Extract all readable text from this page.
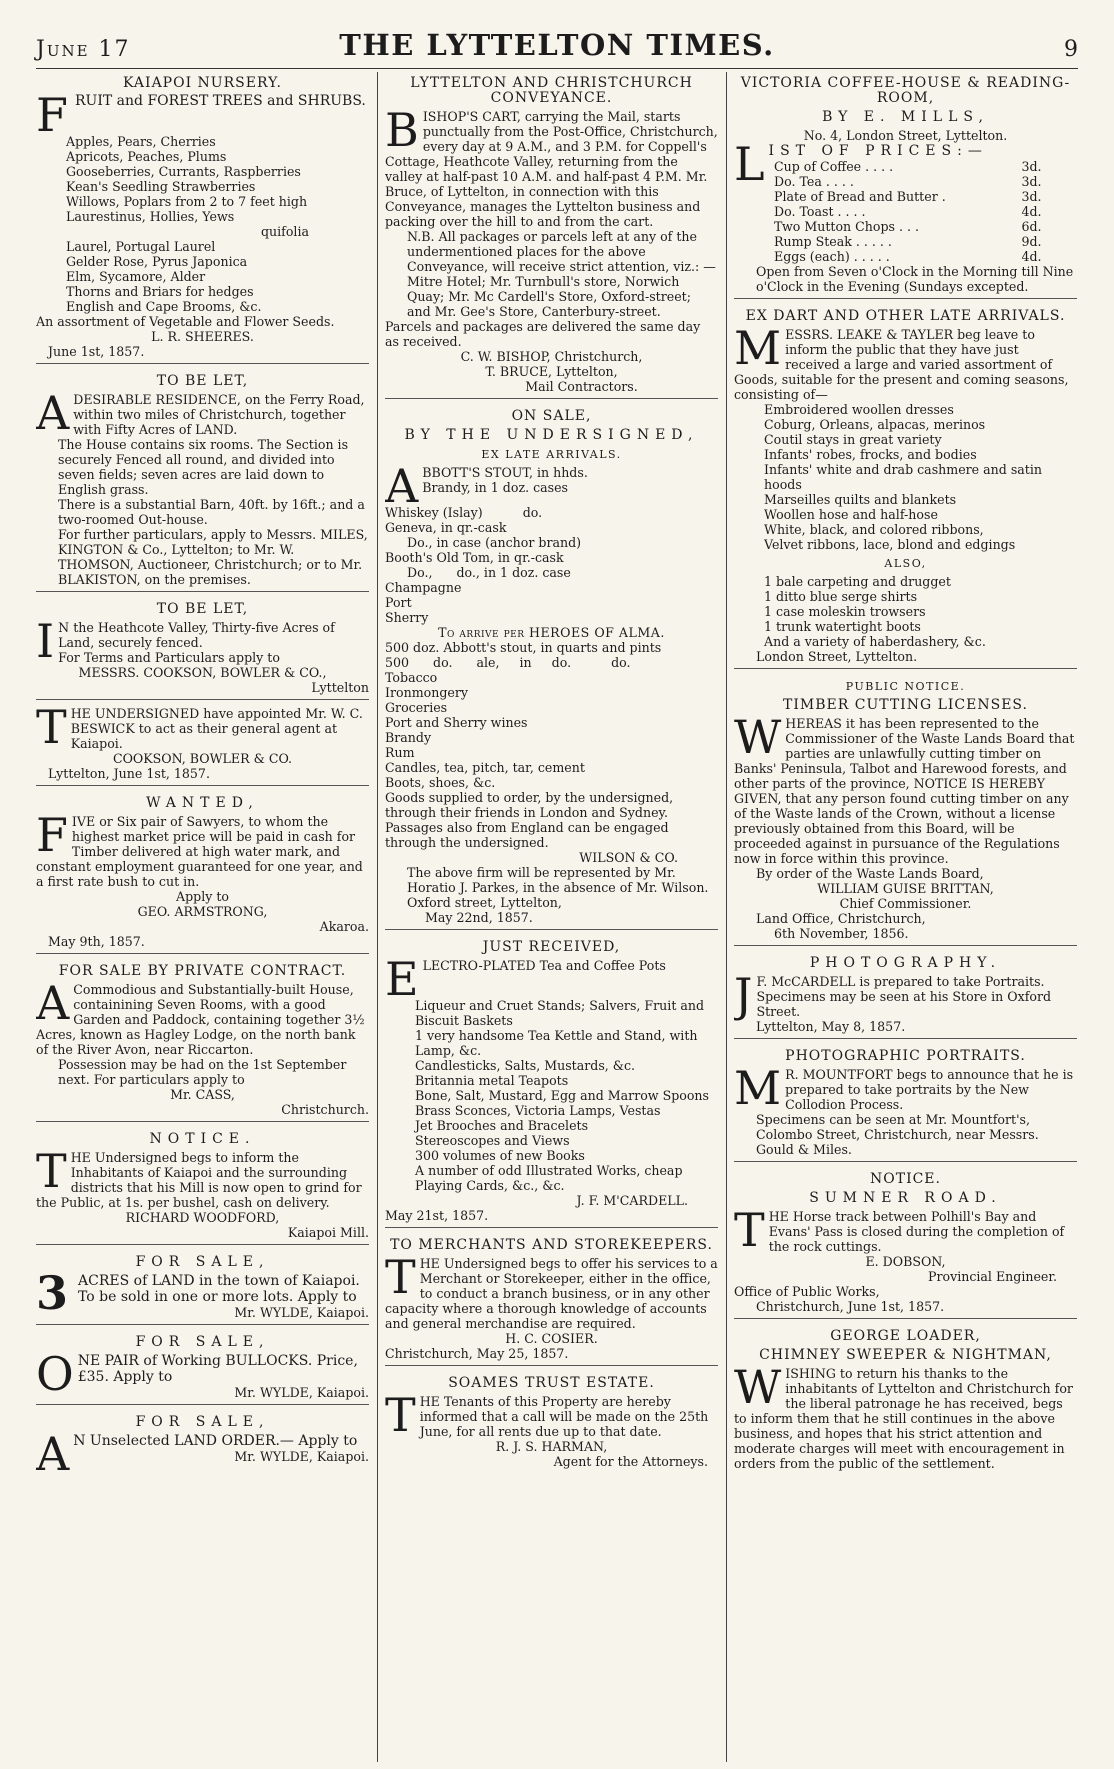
June 17	THE LYTTELTON TIMES.	9
KAIAPOI NURSERY.

F RUIT and FOREST TREES and SHRUBS.

Apples, Pears, Cherries

Apricots, Peaches, Plums

Gooseberries, Currants, Raspberries

Kean's Seedling Strawberries

Willows, Poplars from 2 to 7 feet high

Laurestinus, Hollies, Yews

quifolia

Laurel, Portugal Laurel

Gelder Rose, Pyrus Japonica

Elm, Sycamore, Alder

Thorns and Briars for hedges

English and Cape Brooms, &c.

An assortment of Vegetable and Flower Seeds.

L. R. SHEERES.

June 1st, 1857.

TO BE LET,

ADESIRABLE RESIDENCE, on the Ferry Road, within two miles of Christchurch, together with Fifty Acres of LAND.

The House contains six rooms. The Section is securely Fenced all round, and divided into seven fields; seven acres are laid down to English grass.

There is a substantial Barn, 40ft. by 16ft.; and a two-roomed Out-house.

For further particulars, apply to Messrs. MILES, KINGTON & Co., Lyttelton; to Mr. W. THOMSON, Auctioneer, Christchurch; or to Mr. BLAKISTON, on the premises.

TO BE LET,

I N the Heathcote Valley, Thirty-five Acres of Land, securely fenced.

For Terms and Particulars apply to

MESSRS. COOKSON, BOWLER & CO.,

Lyttelton

THE UNDERSIGNED have appointed Mr. W. C. BESWICK to act as their general agent at Kaiapoi.

COOKSON, BOWLER & CO.

Lyttelton, June 1st, 1857.

WANTED,

FIVE or Six pair of Sawyers, to whom the highest market price will be paid in cash for Timber delivered at high water mark, and constant employment guaranteed for one year, and a first rate bush to cut in.

Apply to

GEO. ARMSTRONG,

Akaroa.

May 9th, 1857.

FOR SALE BY PRIVATE CONTRACT.

A Commodious and Substantially-built House, containining Seven Rooms, with a good Garden and Paddock, containing together 3½ Acres, known as Hagley Lodge, on the north bank of the River Avon, near Riccarton.

Possession may be had on the 1st September next. For particulars apply to

Mr. CASS,

Christchurch.

NOTICE.

THE Undersigned begs to inform the Inhabitants of Kaiapoi and the surrounding districts that his Mill is now open to grind for the Public, at 1s. per bushel, cash on delivery.

RICHARD WOODFORD,

Kaiapoi Mill.

FOR SALE,

3 ACRES of LAND in the town of Kaiapoi. To be sold in one or more lots. Apply to

Mr. WYLDE, Kaiapoi.

FOR SALE,

ONE PAIR of Working BULLOCKS. Price, £35. Apply to

Mr. WYLDE, Kaiapoi.

FOR SALE,

A N Unselected LAND ORDER.— Apply to

Mr. WYLDE, Kaiapoi.

LYTTELTON AND CHRISTCHURCH CONVEYANCE.

BISHOP'S CART, carrying the Mail, starts punctually from the Post-Office, Christchurch, every day at 9 A.M., and 3 P.M. for Coppell's Cottage, Heathcote Valley, returning from the valley at half-past 10 A.M. and half-past 4 P.M. Mr. Bruce, of Lyttelton, in connection with this Conveyance, manages the Lyttelton business and packing over the hill to and from the cart.

N.B. All packages or parcels left at any of the undermentioned places for the above Conveyance, will receive strict attention, viz.: —

Mitre Hotel; Mr. Turnbull's store, Norwich Quay; Mr. Mc Cardell's Store, Oxford-street; and Mr. Gee's Store, Canterbury-street.

Parcels and packages are delivered the same day as received.

C. W. BISHOP, Christchurch,

T. BRUCE, Lyttelton,

Mail Contractors.

ON SALE,
BY THE UNDERSIGNED,
EX LATE ARRIVALS.

ABBOTT'S STOUT, in hhds.

Brandy, in 1 doz. cases

Whiskey (Islay)          do.

Geneva, in qr.-cask

Do., in case (anchor brand)

Booth's Old Tom, in qr.-cask

Do.,      do., in 1 doz. case

Champagne

Port

Sherry

To arrive per HEROES OF ALMA.

500 doz. Abbott's stout, in quarts and pints

500      do.      ale,     in     do.          do.

Tobacco

Ironmongery

Groceries

Port and Sherry wines

Brandy

Rum

Candles, tea, pitch, tar, cement

Boots, shoes, &c.

Goods supplied to order, by the undersigned, through their friends in London and Sydney. Passages also from England can be engaged through the undersigned.

WILSON & CO.

The above firm will be represented by Mr. Horatio J. Parkes, in the absence of Mr. Wilson.

Oxford street, Lyttelton,

May 22nd, 1857.

JUST RECEIVED,

ELECTRO-PLATED Tea and Coffee Pots

Liqueur and Cruet Stands; Salvers, Fruit and Biscuit Baskets

1 very handsome Tea Kettle and Stand, with Lamp, &c.

Candlesticks, Salts, Mustards, &c.

Britannia metal Teapots

Bone, Salt, Mustard, Egg and Marrow Spoons

Brass Sconces, Victoria Lamps, Vestas

Jet Brooches and Bracelets

Stereoscopes and Views

300 volumes of new Books

A number of odd Illustrated Works, cheap

Playing Cards, &c., &c.

J. F. M'CARDELL.

May 21st, 1857.

TO MERCHANTS AND STOREKEEPERS.

THE Undersigned begs to offer his services to a Merchant or Storekeeper, either in the office, to conduct a branch business, or in any other capacity where a thorough knowledge of accounts and general merchandise are required.

H. C. COSIER.

Christchurch, May 25, 1857.

SOAMES TRUST ESTATE.

THE Tenants of this Property are hereby informed that a call will be made on the 25th June, for all rents due up to that date.

R. J. S. HARMAN,

Agent for the Attorneys.

VICTORIA COFFEE-HOUSE & READING-ROOM,
BY E. MILLS,

No. 4, London Street, Lyttelton.

LIST OF PRICES:—

Cup of Coffee . . . .	3d.
Do. Tea . . . .	3d.
Plate of Bread and Butter .	3d.
Do. Toast . . . .	4d.
Two Mutton Chops . . .	6d.
Rump Steak . . . . .	9d.
Eggs (each) . . . . .	4d.

Open from Seven o'Clock in the Morning till Nine o'Clock in the Evening (Sundays excepted.

EX DART AND OTHER LATE ARRIVALS.

MESSRS. LEAKE & TAYLER beg leave to inform the public that they have just received a large and varied assortment of Goods, suitable for the present and coming seasons, consisting of—

Embroidered woollen dresses

Coburg, Orleans, alpacas, merinos

Coutil stays in great variety

Infants' robes, frocks, and bodies

Infants' white and drab cashmere and satin hoods

Marseilles quilts and blankets

Woollen hose and half-hose

White, black, and colored ribbons,

Velvet ribbons, lace, blond and edgings

ALSO,

1 bale carpeting and drugget

1 ditto blue serge shirts

1 case moleskin trowsers

1 trunk watertight boots

And a variety of haberdashery, &c.

London Street, Lyttelton.

PUBLIC NOTICE.
TIMBER CUTTING LICENSES.

WHEREAS it has been represented to the Commissioner of the Waste Lands Board that parties are unlawfully cutting timber on Banks' Peninsula, Talbot and Harewood forests, and other parts of the province, NOTICE IS HEREBY GIVEN, that any person found cutting timber on any of the Waste lands of the Crown, without a license previously obtained from this Board, will be proceeded against in pursuance of the Regulations now in force within this province.

By order of the Waste Lands Board,

WILLIAM GUISE BRITTAN,

Chief Commissioner.

Land Office, Christchurch,

6th November, 1856.

PHOTOGRAPHY.

J F. McCARDELL is prepared to take Portraits.

Specimens may be seen at his Store in Oxford Street.

Lyttelton, May 8, 1857.

PHOTOGRAPHIC PORTRAITS.

M R. MOUNTFORT begs to announce that he is prepared to take portraits by the New Collodion Process.

Specimens can be seen at Mr. Mountfort's, Colombo Street, Christchurch, near Messrs. Gould & Miles.

NOTICE.
SUMNER ROAD.

THE Horse track between Polhill's Bay and Evans' Pass is closed during the completion of the rock cuttings.

E. DOBSON,

Provincial Engineer.

Office of Public Works,

Christchurch, June 1st, 1857.

GEORGE LOADER,
CHIMNEY SWEEPER & NIGHTMAN,

WISHING to return his thanks to the inhabitants of Lyttelton and Christchurch for the liberal patronage he has received, begs to inform them that he still continues in the above business, and hopes that his strict attention and moderate charges will meet with encouragement in orders from the public of the settlement.
